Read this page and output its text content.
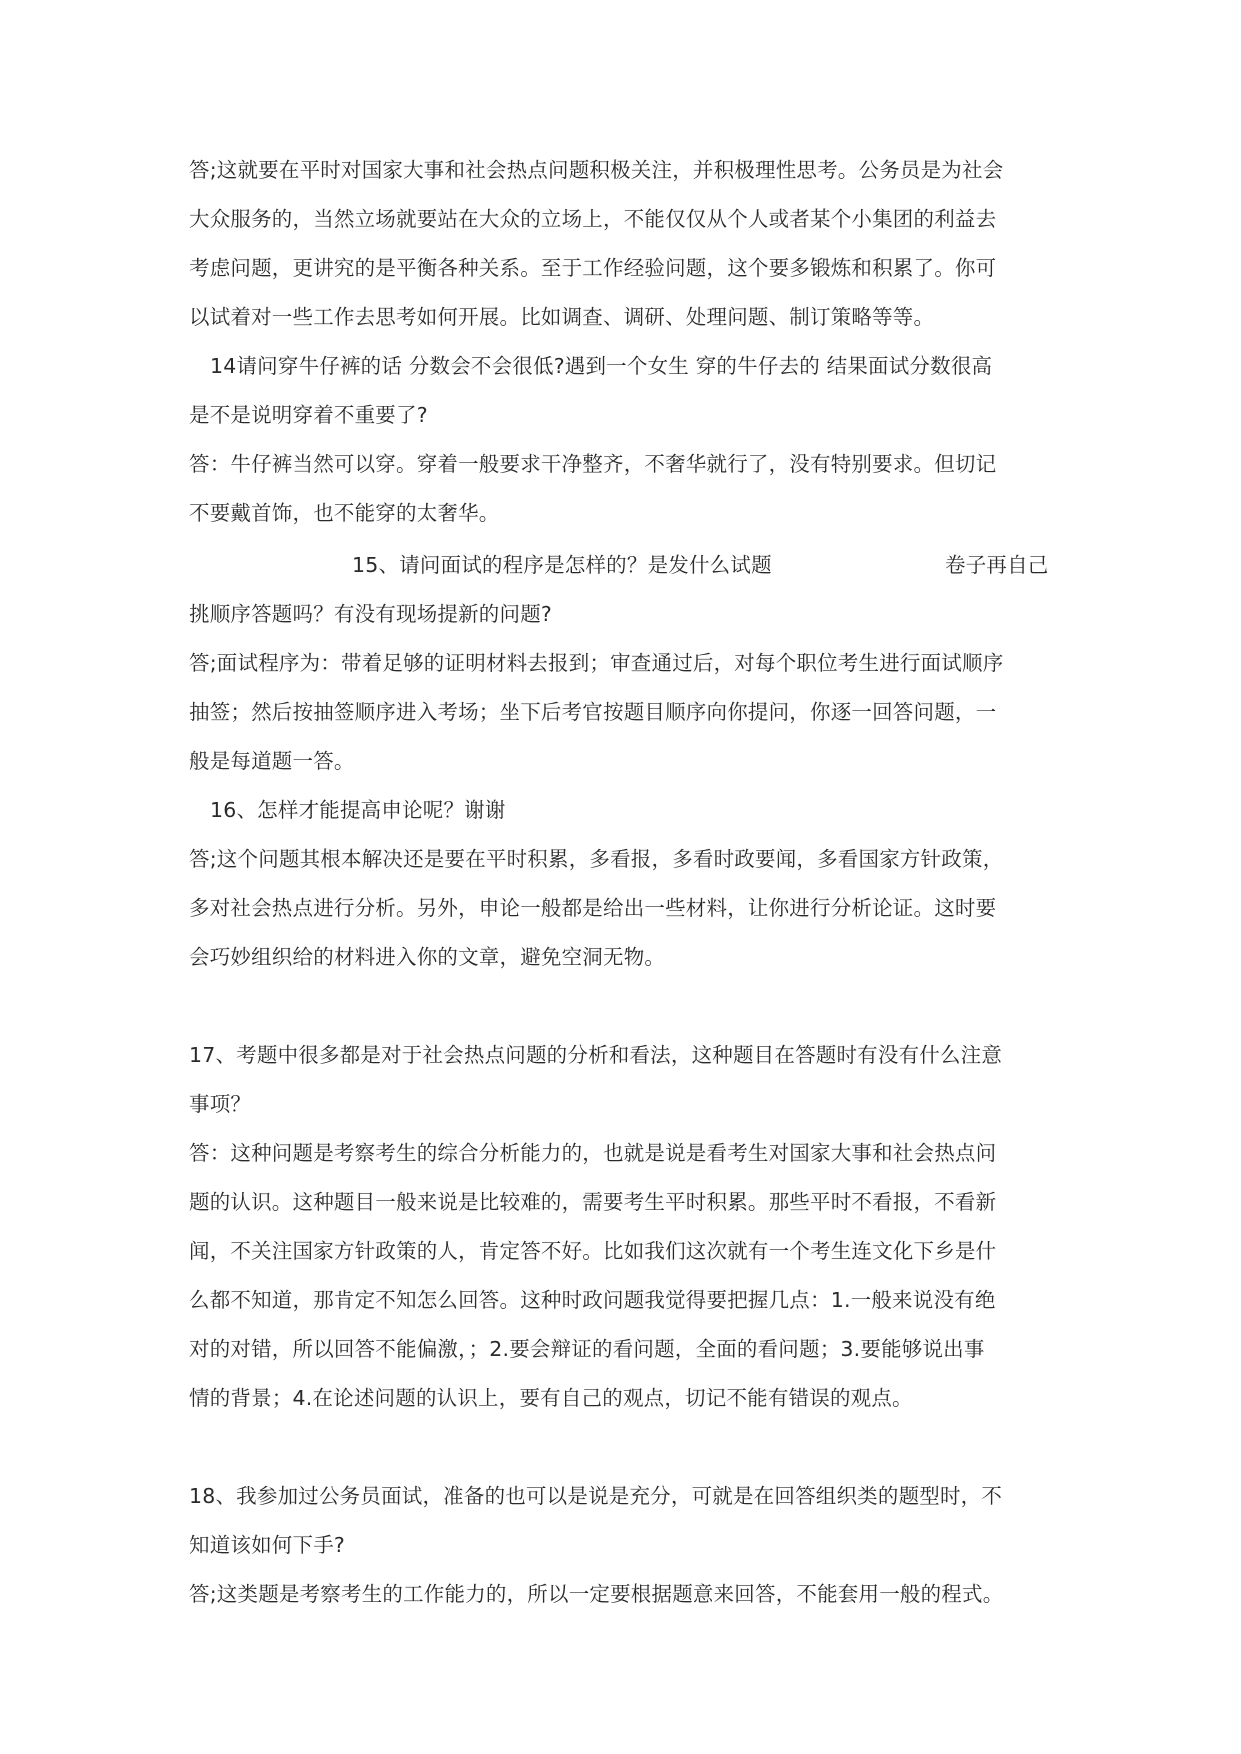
答;这就要在平时对国家大事和社会热点问题积极关注，并积极理性思考。公务员是为社会
大众服务的，当然立场就要站在大众的立场上，不能仅仅从个人或者某个小集团的利益去
考虑问题，更讲究的是平衡各种关系。至于工作经验问题，这个要多锻炼和积累了。你可
以试着对一些工作去思考如何开展。比如调查、调研、处理问题、制订策略等等。
14请问穿牛仔裤的话 分数会不会很低?遇到一个女生 穿的牛仔去的 结果面试分数很高
是不是说明穿着不重要了?
答：牛仔裤当然可以穿。穿着一般要求干净整齐，不奢华就行了，没有特别要求。但切记
不要戴首饰，也不能穿的太奢华。
15、请问面试的程序是怎样的？是发什么试题	卷子再自己
挑顺序答题吗？有没有现场提新的问题?
答;面试程序为：带着足够的证明材料去报到；审查通过后，对每个职位考生进行面试顺序
抽签；然后按抽签顺序进入考场；坐下后考官按题目顺序向你提问，你逐一回答问题，一
般是每道题一答。
16、怎样才能提高申论呢？谢谢
答;这个问题其根本解决还是要在平时积累，多看报，多看时政要闻，多看国家方针政策，
多对社会热点进行分析。另外，申论一般都是给出一些材料，让你进行分析论证。这时要
会巧妙组织给的材料进入你的文章，避免空洞无物。
17、考题中很多都是对于社会热点问题的分析和看法，这种题目在答题时有没有什么注意
事项？
答：这种问题是考察考生的综合分析能力的，也就是说是看考生对国家大事和社会热点问
题的认识。这种题目一般来说是比较难的，需要考生平时积累。那些平时不看报，不看新
闻，不关注国家方针政策的人，肯定答不好。比如我们这次就有一个考生连文化下乡是什
么都不知道，那肯定不知怎么回答。这种时政问题我觉得要把握几点：1.一般来说没有绝
对的对错，所以回答不能偏激，；2.要会辩证的看问题，全面的看问题；3.要能够说出事
情的背景；4.在论述问题的认识上，要有自己的观点，切记不能有错误的观点。
18、我参加过公务员面试，准备的也可以是说是充分，可就是在回答组织类的题型时，不
知道该如何下手?
答;这类题是考察考生的工作能力的，所以一定要根据题意来回答，不能套用一般的程式。
